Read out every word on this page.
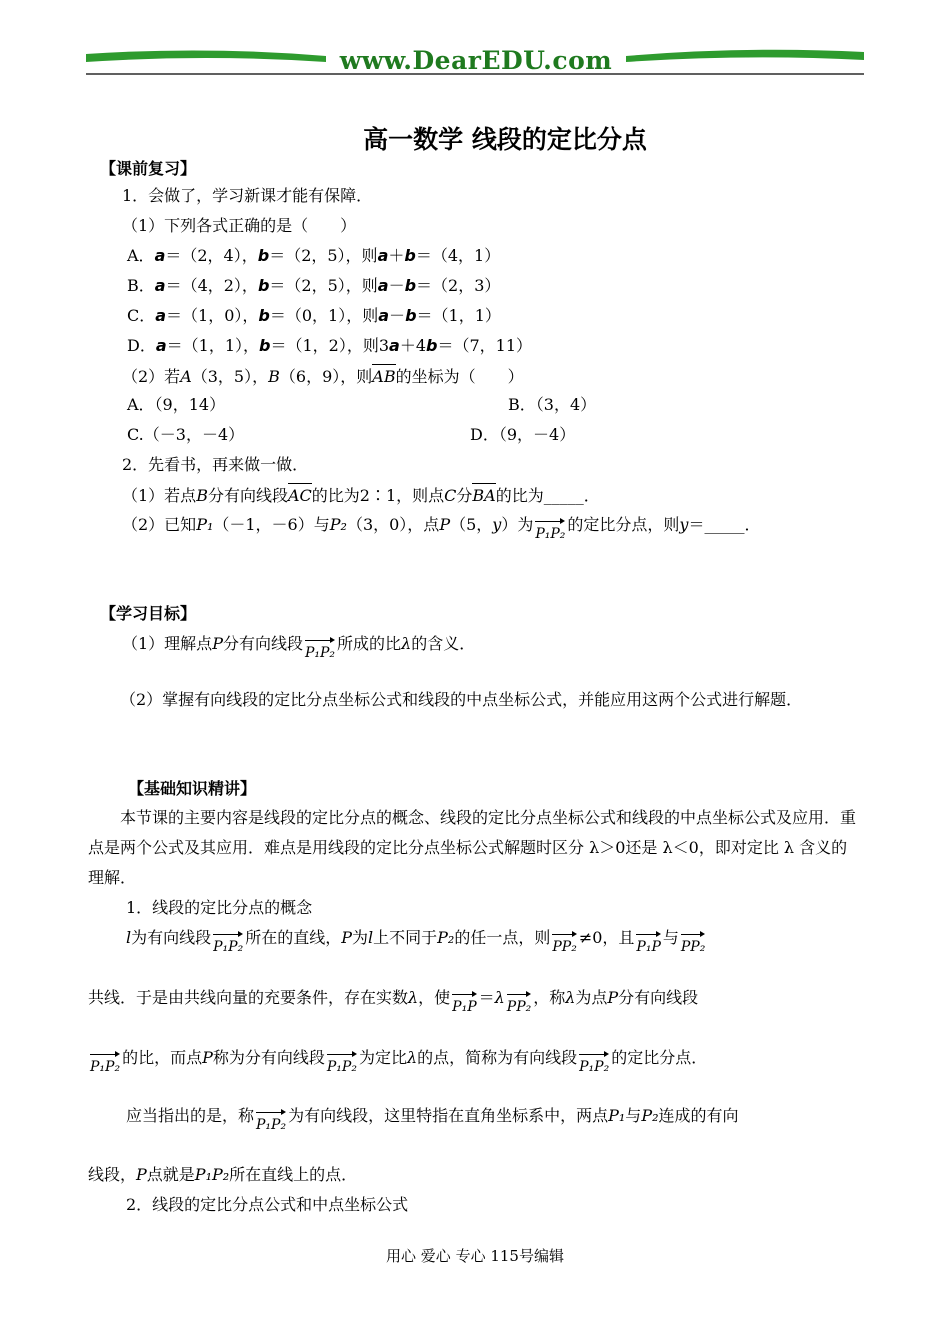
www.DearEDU.com
高一数学 线段的定比分点
【课前复习】
1．会做了，学习新课才能有保障．
（1）下列各式正确的是（　　）
A．a＝（2，4），b＝（2，5），则a＋b＝（4，1）
B．a＝（4，2），b＝（2，5），则a－b＝（2，3）
C．a＝（1，0），b＝（0，1），则a－b＝（1，1）
D．a＝（1，1），b＝（1，2），则3a＋4b＝（7，11）
（2）若A（3，5），B（6，9），则AB的坐标为（　　）
A．（9，14）	B．（3，4）
C.（－3，－4）	D．（9，－4）
2．先看书，再来做一做．
（1）若点B分有向线段AC的比为2∶1，则点C分BA的比为_____．
（2）已知P₁（－1，－6）与P₂（3，0），点P（5，y）为 P₁P₂ 的定比分点，则y＝_____．
【学习目标】
（1）理解点P分有向线段 P₁P₂ 所成的比λ的含义．
（2）掌握有向线段的定比分点坐标公式和线段的中点坐标公式，并能应用这两个公式进行解题．
【基础知识精讲】
本节课的主要内容是线段的定比分点的概念、线段的定比分点坐标公式和线段的中点坐标公式及应用．重点是两个公式及其应用．难点是用线段的定比分点坐标公式解题时区分 λ＞0还是 λ＜0，即对定比 λ 含义的理解．
1．线段的定比分点的概念
l为有向线段 P₁P₂ 所在的直线，P为l上不同于P₂的任一点，则 PP₂ ≠0，且 P₁P 与 PP₂
共线．于是由共线向量的充要条件，存在实数λ，使 P₁P ＝λ PP₂ ，称λ为点P分有向线段
P₁P₂ 的比，而点P称为分有向线段 P₁P₂ 为定比λ的点，简称为有向线段 P₁P₂ 的定比分点．
应当指出的是，称 P₁P₂ 为有向线段，这里特指在直角坐标系中，两点P₁与P₂连成的有向
线段，P点就是P₁P₂所在直线上的点．
2．线段的定比分点公式和中点坐标公式
用心 爱心 专心 115号编辑
